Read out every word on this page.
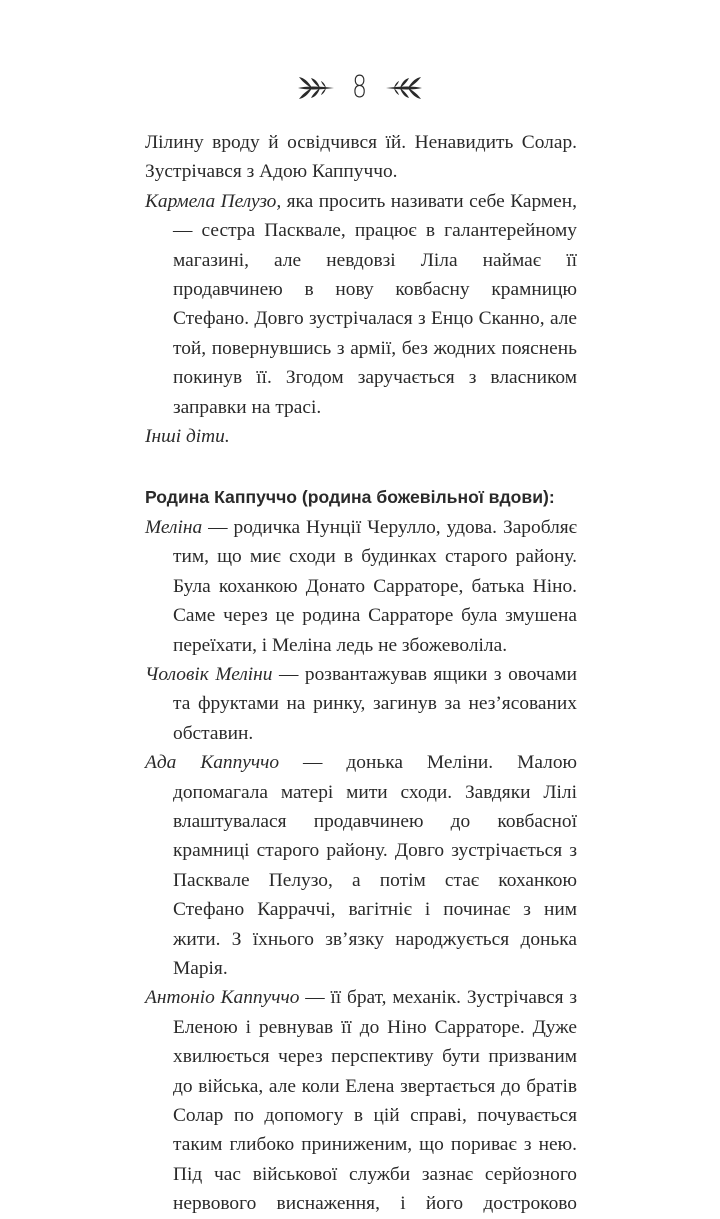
8

Лілину вроду й освідчився їй. Ненавидить Солар. Зустрічався з Адою Каппуччо.

Кармела Пелузо, яка просить називати себе Кармен, — сестра Пасквале, працює в галантерейному магазині, але невдовзі Ліла наймає її продавчинею в нову ковбасну крамницю Стефано. Довго зустрічалася з Енцо Сканно, але той, повернувшись з армії, без жодних пояснень покинув її. Згодом заручається з власником заправки на трасі.

Інші діти.

Родина Каппуччо (родина божевільної вдови):

Меліна — родичка Нунції Черулло, удова. Заробляє тим, що миє сходи в будинках старого району. Була коханкою Донато Сарраторе, батька Ніно. Саме через це родина Сарраторе була змушена переїхати, і Меліна ледь не збожеволіла.

Чоловік Меліни — розвантажував ящики з овочами та фруктами на ринку, загинув за нез’ясованих обставин.

Ада Каппуччо — донька Меліни. Малою допомагала матері мити сходи. Завдяки Лілі влаштувалася продавчинею до ковбасної крамниці старого району. Довго зустрічається з Пасквале Пелузо, а потім стає коханкою Стефано Карраччі, вагітніє і починає з ним жити. З їхнього зв’язку народжується донька Марія.

Антоніо Каппуччо — її брат, механік. Зустрічався з Еленою і ревнував її до Ніно Сарраторе. Дуже хвилюється через перспективу бути призваним до війська, але коли Елена звертається до братів Солар по допомогу в цій справі, почувається таким глибоко приниженим, що пориває з нею. Під час військової служби зазнає серйозного нервового виснаження, і його достроково
